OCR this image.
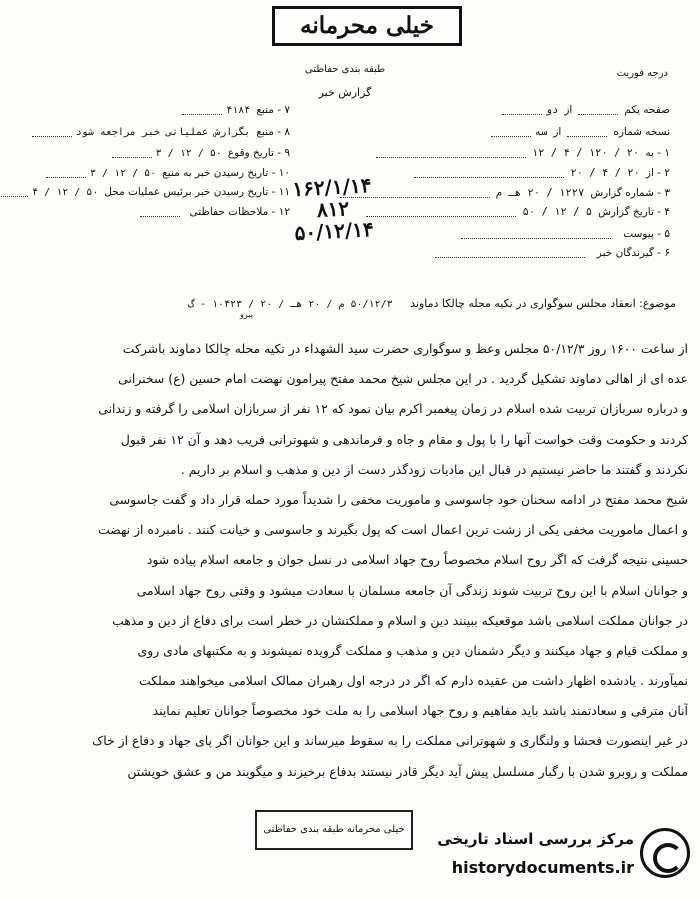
خیلی محرمانه
طبقه بندی حفاظتی
گزارش خبر
درجه فوریت
صفحه یکمازدو
نسخه شمارهازسه
۱ - به۲۰ / ۱۲۰ / ۴ / ۱۲
۲ - از۲۰ / ۴ / ۲۰
۳ - شماره گزارش۱۲۲۷ / ۲۰ هـ م
۴ - تاریخ گزارش۵ / ۱۲ / ۵۰
۵ - پیوست
۶ - گیرندگان خبر
۷ - منبع۴۱۸۴
۸ - منبعبگزارش عملیاتی خبر مراجعه شود
۹ - تاریخ وقوع۵۰ / ۱۲ / ۳
۱۰ - تاریخ رسیدن خبر به منبع۵۰ / ۱۲ / ۳
۱۱ - تاریخ رسیدن خبر برئیس عملیات محل۵۰ / ۱۲ / ۴
۱۲ - ملاحظات حفاظتی
۱۶۲/۱/۱۴ ۸۱۲
۵۰/۱۲/۱۴
موضوع: انعقاد مجلس سوگواری در تکیه محله چالکا دماوند     ۵۰/۱۲/۳ م / ۲۰ هـ / ۲۰ / ۱۰۴۲۳ - گ
پیرو
از ساعت ۱۶۰۰ روز ۵۰/۱۲/۳ مجلس وعظ و سوگواری حضرت سید الشهداء در تکیه محله چالکا دماوند باشرکت
عده ای از اهالی دماوند تشکیل گردید . در این مجلس شیخ محمد مفتح پیرامون نهضت امام حسین (ع) سخنرانی
و درباره سربازان تربیت شده اسلام در زمان پیغمبر اکرم بیان نمود که ۱۲ نفر از سربازان اسلامی را گرفته و زندانی
کردند و حکومت وقت خواست آنها را با پول و مقام و جاه و فرماندهی و شهوترانی فریب دهد و آن ۱۲ نفر قبول
نکردند و گفتند ما حاضر نیستیم در قبال این مادیات زودگذر دست از دین و مذهب و اسلام بر داریم .
شیخ محمد مفتح در ادامه سخنان خود جاسوسی و ماموریت مخفی را شدیداً مورد حمله قرار داد و گفت جاسوسی
و اعمال ماموریت مخفی یکی از زشت ترین اعمال است که پول بگیرند و جاسوسی و خیانت کنند . نامبرده از نهضت
حسینی نتیجه گرفت که اگر روح اسلام مخصوصاً روح جهاد اسلامی در نسل جوان و جامعه اسلام پیاده شود
و جوانان اسلام با این روح تربیت شوند زندگی آن جامعه مسلمان با سعادت میشود و وقتی روح جهاد اسلامی
در جوانان مملکت اسلامی باشد موقعیکه ببینند دین و اسلام و مملکتشان در خطر است برای دفاع از دین و مذهب
و مملکت قیام و جهاد میکنند و دیگر دشمنان دین و مذهب و مملکت گرویده نمیشوند و به مکتبهای مادی روی
نمیآورند . یادشده اظهار داشت من عقیده دارم که اگر در درجه اول رهبران ممالک اسلامی میخواهند مملکت
آنان مترقی و سعادتمند باشد باید مفاهیم و روح جهاد اسلامی را به ملت خود مخصوصاً جوانان تعلیم نمایند
در غیر اینصورت فحشا و ولنگاری و شهوترانی مملکت را به سقوط میرساند و این جوانان اگر پای جهاد و دفاع از خاک
مملکت و روبرو شدن با رگبار مسلسل پیش آید دیگر قادر نیستند بدفاع برخیزند و میگویند من و عشق خویشتن
خیلی محرمانه طبقه بندی حفاظتی
مرکز بررسی اسناد تاریخی
historydocuments.ir
